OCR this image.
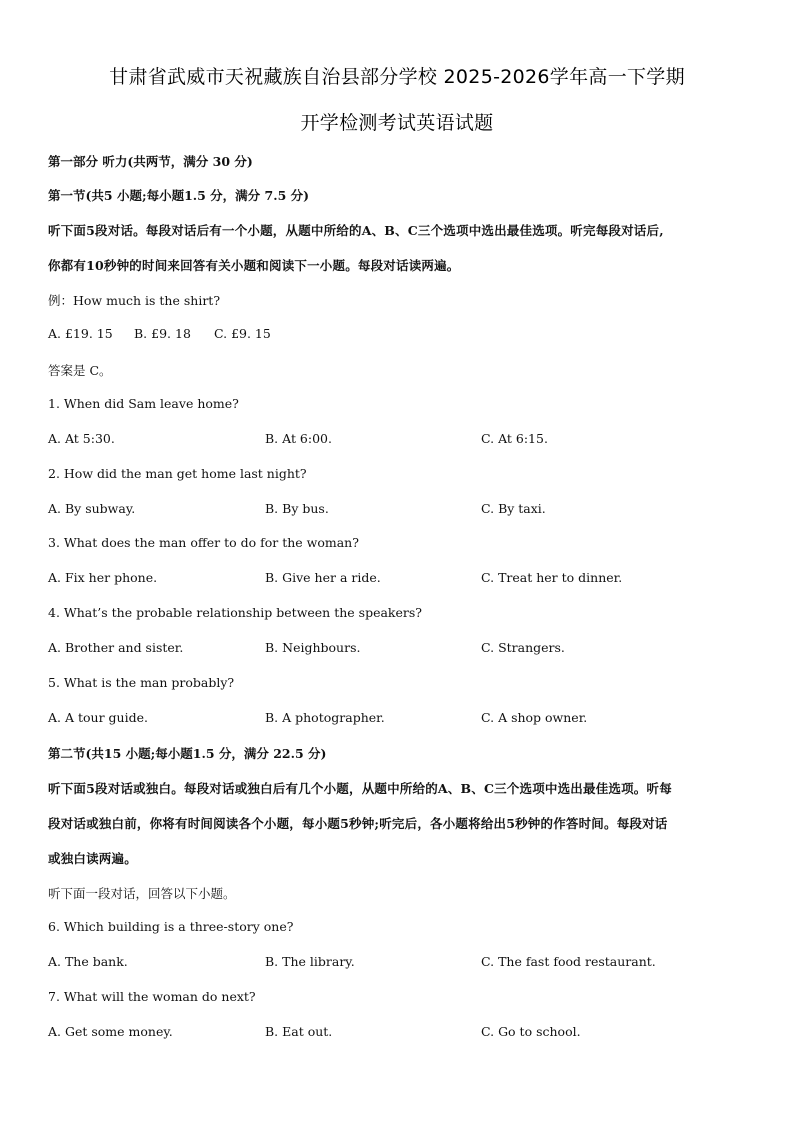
甘肃省武威市天祝藏族自治县部分学校 2025-2026学年高一下学期
开学检测考试英语试题
第一部分 听力(共两节，满分 30 分)
第一节(共5 小题;每小题1.5 分，满分 7.5 分)
听下面5段对话。每段对话后有一个小题，从题中所给的A、B、C三个选项中选出最佳选项。听完每段对话后,
你都有10秒钟的时间来回答有关小题和阅读下一小题。每段对话读两遍。
例：How much is the shirt?
A. £19. 15 B. £9. 18 C. £9. 15
答案是 C。
1. When did Sam leave home?
A. At 5:30.	B. At 6:00.	C. At 6:15.
2. How did the man get home last night?
A. By subway.	B. By bus.	C. By taxi.
3. What does the man offer to do for the woman?
A. Fix her phone.	B. Give her a ride.	C. Treat her to dinner.
4. What’s the probable relationship between the speakers?
A. Brother and sister.	B. Neighbours.	C. Strangers.
5. What is the man probably?
A. A tour guide.	B. A photographer.	C. A shop owner.
第二节(共15 小题;每小题1.5 分，满分 22.5 分)
听下面5段对话或独白。每段对话或独白后有几个小题，从题中所给的A、B、C三个选项中选出最佳选项。听每
段对话或独白前，你将有时间阅读各个小题，每小题5秒钟;听完后，各小题将给出5秒钟的作答时间。每段对话
或独白读两遍。
听下面一段对话，回答以下小题。
6. Which building is a three-story one?
A. The bank.	B. The library.	C. The fast food restaurant.
7. What will the woman do next?
A. Get some money.	B. Eat out.	C. Go to school.
